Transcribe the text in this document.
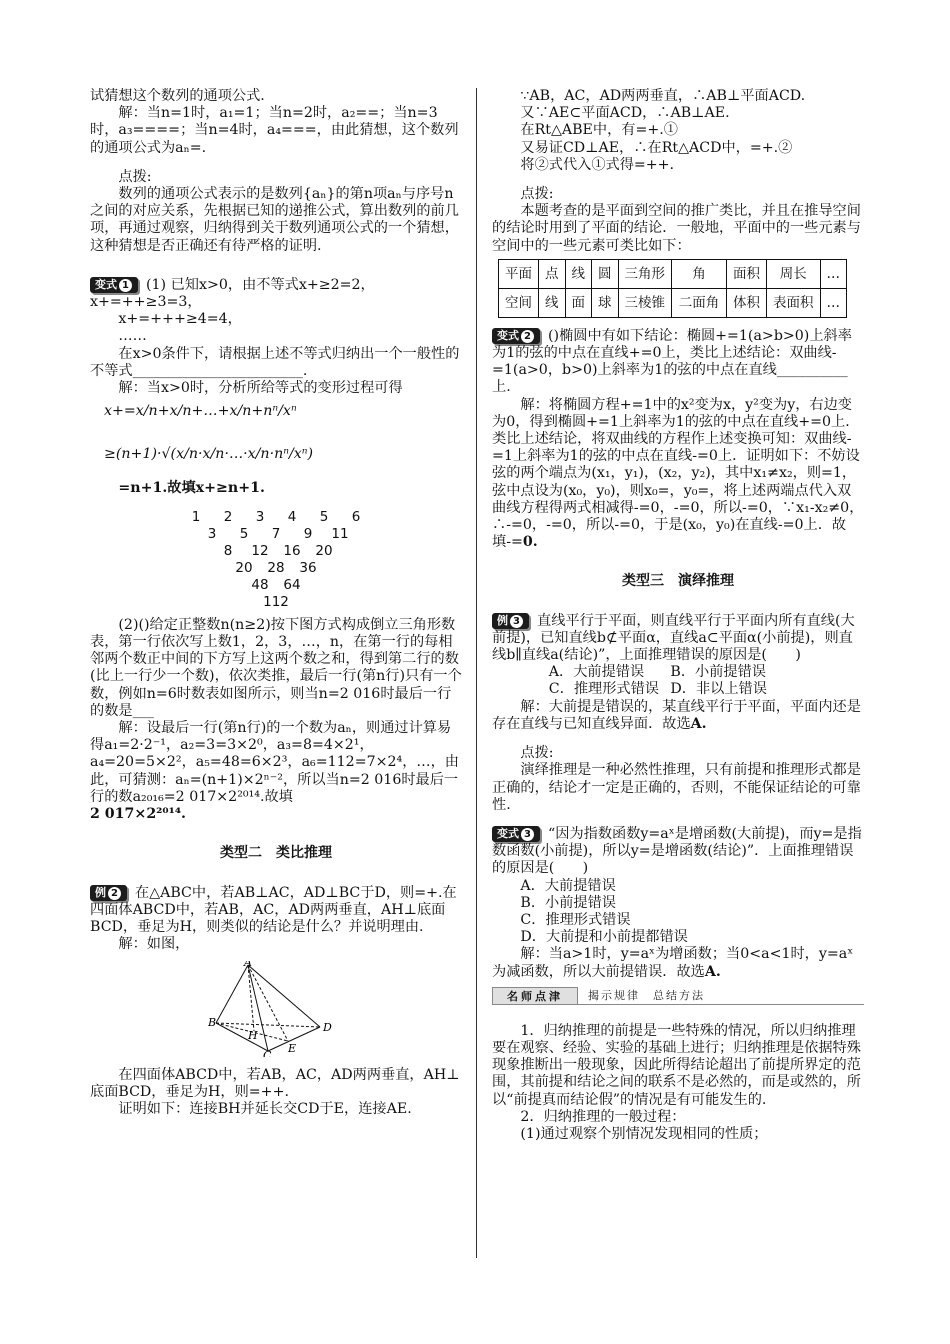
试猜想这个数列的通项公式.

解：当n=1时，a₁=1；当n=2时，a₂==；当n=3时，a₃====；当n=4时，a₄===，由此猜想，这个数列的通项公式为aₙ=.

点拨:

数列的通项公式表示的是数列{aₙ}的第n项aₙ与序号n之间的对应关系，先根据已知的递推公式，算出数列的前几项，再通过观察，归纳得到关于数列通项公式的一个猜想，这种猜想是否正确还有待严格的证明.

变式 1 (1) 已知x>0，由不等式x+≥2=2，x+=++≥3=3，

x+=+++≥4=4，

……

在x>0条件下，请根据上述不等式归纳出一个一般性的不等式________________________.

解：当x>0时，分析所给等式的变形过程可得

x+=x/n+x/n+…+x/n+nⁿ/xⁿ

≥(n+1)·√(x/n·x/n·…·x/n·nⁿ/xⁿ)

=n+1.故填x+≥n+1.

1 2 3 4 5 6
3 5 7 9 11
8 12 16 20
20 28 36
48 64
112

(2)()给定正整数n(n≥2)按下图方式构成倒立三角形数表，第一行依次写上数1，2，3，…，n，在第一行的每相邻两个数正中间的下方写上这两个数之和，得到第二行的数(比上一行少一个数)，依次类推，最后一行(第n行)只有一个数，例如n=6时数表如图所示，则当n=2 016时最后一行的数是___

解：设最后一行(第n行)的一个数为aₙ，则通过计算易得a₁=2·2⁻¹，a₂=3=3×2⁰，a₃=8=4×2¹，a₄=20=5×2²，a₅=48=6×2³，a₆=112=7×2⁴，…，由此，可猜测：aₙ=(n+1)×2ⁿ⁻²，所以当n=2 016时最后一行的数a₂₀₁₆=2 017×2²⁰¹⁴.故填

2 017×2²⁰¹⁴.

类型二　类比推理

例 2 在△ABC中，若AB⊥AC，AD⊥BC于D，则=+.在四面体ABCD中，若AB，AC，AD两两垂直，AH⊥底面BCD，垂足为H，则类似的结论是什么？并说明理由.

解：如图，

A
B
C
D
H
E

在四面体ABCD中，若AB，AC，AD两两垂直，AH⊥底面BCD，垂足为H，则=++.

证明如下：连接BH并延长交CD于E，连接AE.

∵AB，AC，AD两两垂直，∴AB⊥平面ACD.

又∵AE⊂平面ACD，∴AB⊥AE.

在Rt△ABE中，有=+.①

又易证CD⊥AE，∴在Rt△ACD中，=+.②

将②式代入①式得=++.

点拨:

本题考查的是平面到空间的推广类比，并且在推导空间的结论时用到了平面的结论．一般地，平面中的一些元素与空间中的一些元素可类比如下：

平面	点	线	圆	三角形	角	面积	周长	…
空间	线	面	球	三棱锥	二面角	体积	表面积	…

变式 2 ()椭圆中有如下结论：椭圆+=1(a>b>0)上斜率为1的弦的中点在直线+=0上，类比上述结论：双曲线-=1(a>0，b>0)上斜率为1的弦的中点在直线__________上.

解：将椭圆方程+=1中的x²变为x，y²变为y，右边变为0，得到椭圆+=1上斜率为1的弦的中点在直线+=0上．类比上述结论，将双曲线的方程作上述变换可知：双曲线-=1上斜率为1的弦的中点在直线-=0上．证明如下：不妨设弦的两个端点为(x₁，y₁)，(x₂，y₂)，其中x₁≠x₂，则=1，弦中点设为(x₀，y₀)，则x₀=，y₀=，将上述两端点代入双曲线方程得两式相减得-=0，-=0，所以-=0，∵x₁-x₂≠0，∴-=0，-=0，所以-=0，于是(x₀，y₀)在直线-=0上．故填-=0.

类型三　演绎推理

例 3 直线平行于平面，则直线平行于平面内所有直线(大前提)，已知直线b⊄平面α，直线a⊂平面α(小前提)，则直线b∥直线a(结论)”，上面推理错误的原因是(　　)

A．大前提错误 B．小前提错误

C．推理形式错误 D．非以上错误

解：大前提是错误的，某直线平行于平面，平面内还是存在直线与已知直线异面．故选A.

点拨:

演绎推理是一种必然性推理，只有前提和推理形式都是正确的，结论才一定是正确的，否则，不能保证结论的可靠性.

变式 3 “因为指数函数y=aˣ是增函数(大前提)，而y=是指数函数(小前提)，所以y=是增函数(结论)”．上面推理错误的原因是(　　)

A．大前提错误

B．小前提错误

C．推理形式错误

D．大前提和小前提都错误

解：当a>1时，y=aˣ为增函数；当0<a<1时，y=aˣ为减函数，所以大前提错误．故选A.

名师点津	揭示规律　总结方法

1．归纳推理的前提是一些特殊的情况，所以归纳推理要在观察、经验、实验的基础上进行；归纳推理是依据特殊现象推断出一般现象，因此所得结论超出了前提所界定的范围，其前提和结论之间的联系不是必然的，而是或然的，所以“前提真而结论假”的情况是有可能发生的.

2．归纳推理的一般过程：

(1)通过观察个别情况发现相同的性质；
